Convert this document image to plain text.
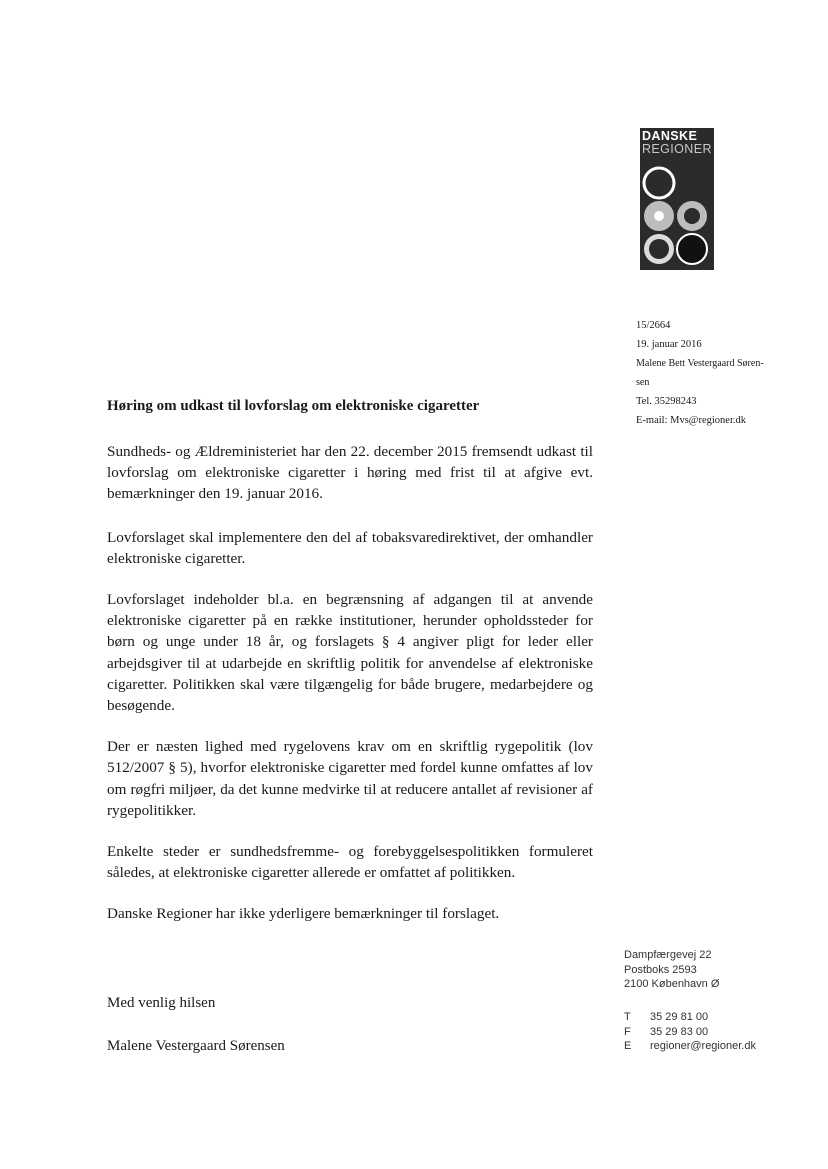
DANSKE
REGIONER
15/2664
19. januar 2016
Malene Bett Vestergaard Søren-
sen
Tel. 35298243
E-mail: Mvs@regioner.dk
Høring om udkast til lovforslag om elektroniske cigaretter

Sundheds- og Ældreministeriet har den 22. december 2015 fremsendt udkast til lovforslag om elektroniske cigaretter i høring med frist til at afgive evt. bemærkninger den 19. januar 2016.

Lovforslaget skal implementere den del af tobaksvaredirektivet, der omhandler elektroniske cigaretter.

Lovforslaget indeholder bl.a. en begrænsning af adgangen til at anvende elektroniske cigaretter på en række institutioner, herunder opholdssteder for børn og unge under 18 år, og forslagets § 4 angiver pligt for leder eller arbejdsgiver til at udarbejde en skriftlig politik for anvendelse af elektroniske cigaretter. Politikken skal være tilgængelig for både brugere, medarbejdere og besøgende.

Der er næsten lighed med rygelovens krav om en skriftlig rygepolitik (lov 512/2007 § 5), hvorfor elektroniske cigaretter med fordel kunne omfattes af lov om røgfri miljøer, da det kunne medvirke til at reducere antallet af revisioner af rygepolitikker.

Enkelte steder er sundhedsfremme- og forebyggelsespolitikken formuleret således, at elektroniske cigaretter allerede er omfattet af politikken.

Danske Regioner har ikke yderligere bemærkninger til forslaget.

Med venlig hilsen
Malene Vestergaard Sørensen
Dampfærgevej 22
Postboks 2593
2100 København Ø
T 35 29 81 00
F 35 29 83 00
E regioner@regioner.dk
